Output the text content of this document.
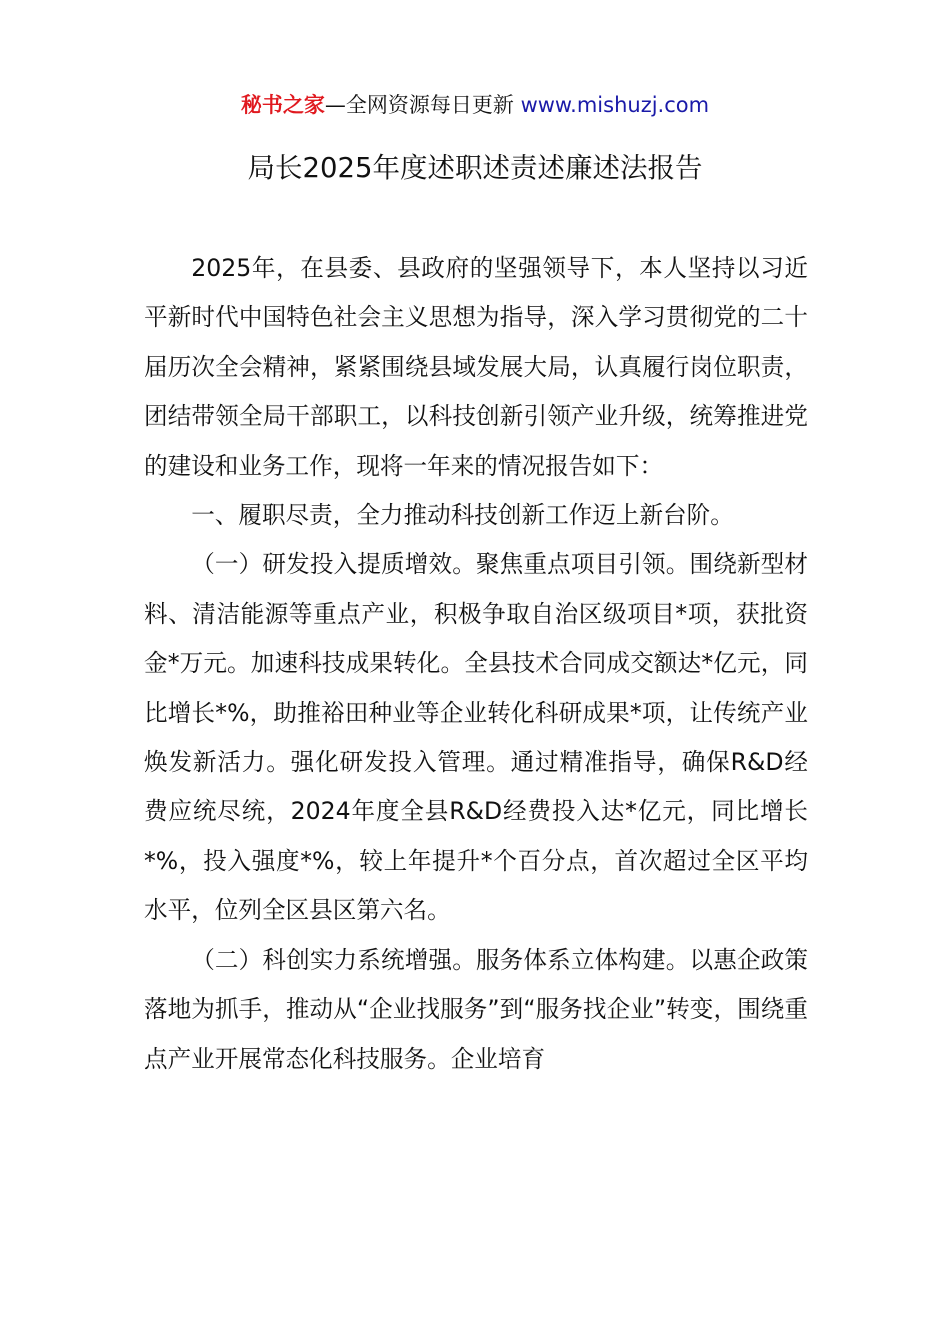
秘书之家—全网资源每日更新 www.mishuzj.com
局长2025年度述职述责述廉述法报告

2025年，在县委、县政府的坚强领导下，本人坚持以习近平新时代中国特色社会主义思想为指导，深入学习贯彻党的二十届历次全会精神，紧紧围绕县域发展大局，认真履行岗位职责，团结带领全局干部职工，以科技创新引领产业升级，统筹推进党的建设和业务工作，现将一年来的情况报告如下：

一、履职尽责，全力推动科技创新工作迈上新台阶。

（一）研发投入提质增效。聚焦重点项目引领。围绕新型材料、清洁能源等重点产业，积极争取自治区级项目*项，获批资金*万元。加速科技成果转化。全县技术合同成交额达*亿元，同比增长*%，助推裕田种业等企业转化科研成果*项，让传统产业焕发新活力。强化研发投入管理。通过精准指导，确保R&D经费应统尽统，2024年度全县R&D经费投入达*亿元，同比增长*%，投入强度*%，较上年提升*个百分点，首次超过全区平均水平，位列全区县区第六名。

（二）科创实力系统增强。服务体系立体构建。以惠企政策落地为抓手，推动从“企业找服务”到“服务找企业”转变，围绕重点产业开展常态化科技服务。企业培育
